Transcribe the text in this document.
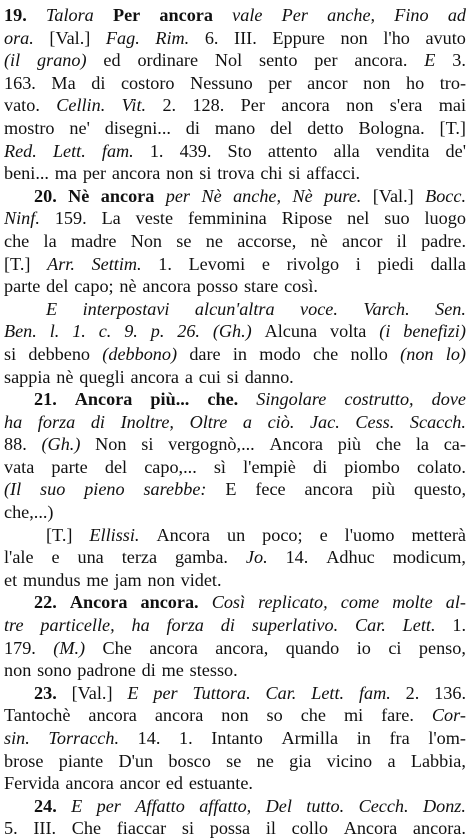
19. Talora Per ancora vale Per anche, Fino ad
ora. [Val.] Fag. Rim. 6. III. Eppure non l'ho avuto
(il grano) ed ordinare Nol sento per ancora. E 3.
163. Ma di costoro Nessuno per ancor non ho tro-
vato. Cellin. Vit. 2. 128. Per ancora non s'era mai
mostro ne' disegni... di mano del detto Bologna. [T.]
Red. Lett. fam. 1. 439. Sto attento alla vendita de'
beni... ma per ancora non si trova chi si affacci.
20. Nè ancora per Nè anche, Nè pure. [Val.] Bocc.
Ninf. 159. La veste femminina Ripose nel suo luogo
che la madre Non se ne accorse, nè ancor il padre.
[T.] Arr. Settim. 1. Levomi e rivolgo i piedi dalla
parte del capo; nè ancora posso stare così.
E interpostavi alcun'altra voce. Varch. Sen.
Ben. l. 1. c. 9. p. 26. (Gh.) Alcuna volta (i benefizi)
si debbeno (debbono) dare in modo che nollo (non lo)
sappia nè quegli ancora a cui si danno.
21. Ancora più... che. Singolare costrutto, dove
ha forza di Inoltre, Oltre a ciò. Jac. Cess. Scacch.
88. (Gh.) Non si vergognò,... Ancora più che la ca-
vata parte del capo,... sì l'empiè di piombo colato.
(Il suo pieno sarebbe: E fece ancora più questo,
che,...)
[T.] Ellissi. Ancora un poco; e l'uomo metterà
l'ale e una terza gamba. Jo. 14. Adhuc modicum,
et mundus me jam non videt.
22. Ancora ancora. Così replicato, come molte al-
tre particelle, ha forza di superlativo. Car. Lett. 1.
179. (M.) Che ancora ancora, quando io ci penso,
non sono padrone di me stesso.
23. [Val.] E per Tuttora. Car. Lett. fam. 2. 136.
Tantochè ancora ancora non so che mi fare. Cor-
sin. Torracch. 14. 1. Intanto Armilla in fra l'om-
brose piante D'un bosco se ne gia vicino a Labbia,
Fervida ancora ancor ed estuante.
24. E per Affatto affatto, Del tutto. Cecch. Donz.
5. III. Che fiaccar si possa il collo Ancora ancora.
